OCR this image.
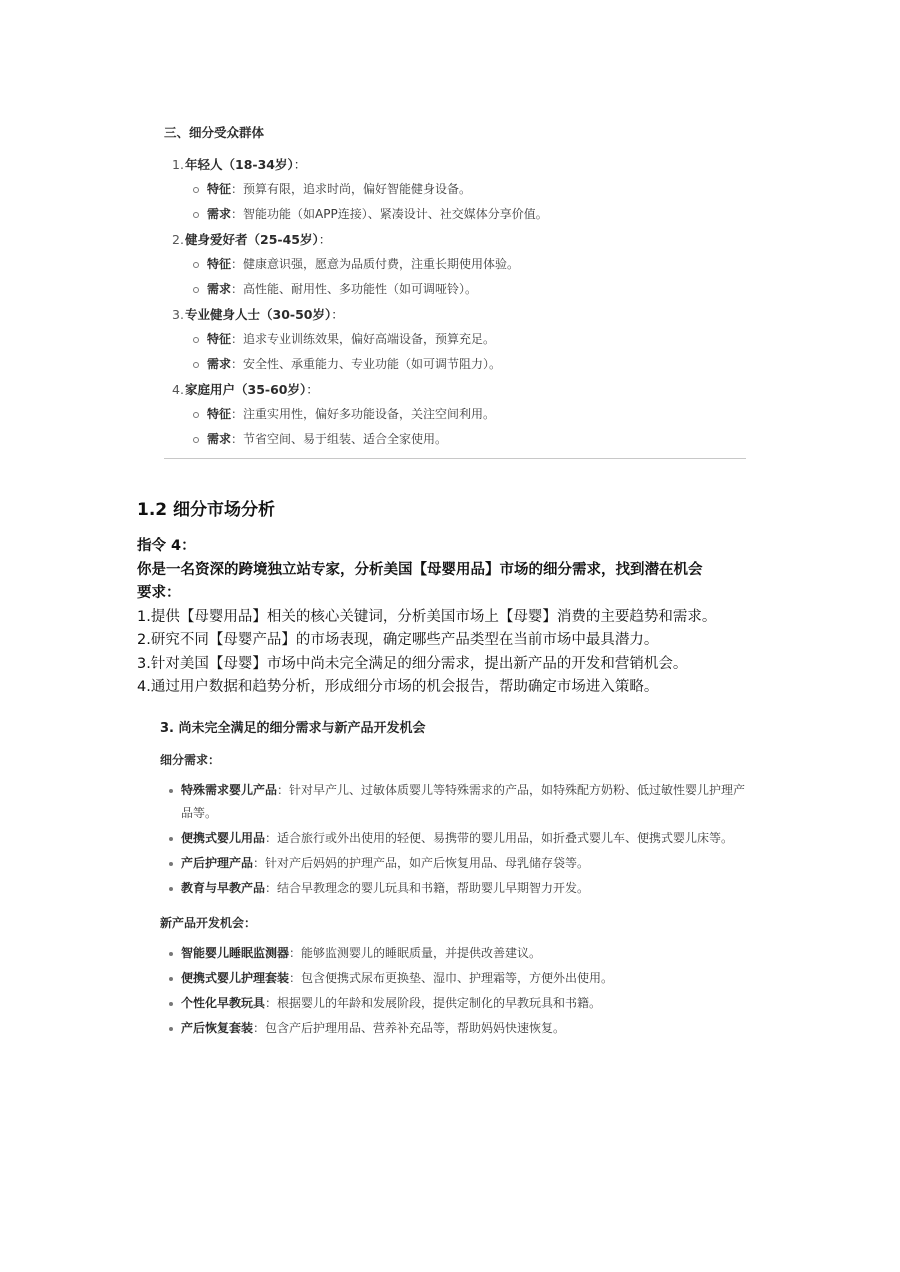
三、细分受众群体
1. 年轻人（18-34岁）：
特征：预算有限，追求时尚，偏好智能健身设备。
需求：智能功能（如APP连接）、紧凑设计、社交媒体分享价值。
2. 健身爱好者（25-45岁）：
特征：健康意识强，愿意为品质付费，注重长期使用体验。
需求：高性能、耐用性、多功能性（如可调哑铃）。
3. 专业健身人士（30-50岁）：
特征：追求专业训练效果，偏好高端设备，预算充足。
需求：安全性、承重能力、专业功能（如可调节阻力）。
4. 家庭用户（35-60岁）：
特征：注重实用性，偏好多功能设备，关注空间利用。
需求：节省空间、易于组装、适合全家使用。
1.2 细分市场分析
指令 4：
你是一名资深的跨境独立站专家，分析美国【母婴用品】市场的细分需求，找到潜在机会
要求：
1.提供【母婴用品】相关的核心关键词，分析美国市场上【母婴】消费的主要趋势和需求。
2.研究不同【母婴产品】的市场表现，确定哪些产品类型在当前市场中最具潜力。
3.针对美国【母婴】市场中尚未完全满足的细分需求，提出新产品的开发和营销机会。
4.通过用户数据和趋势分析，形成细分市场的机会报告，帮助确定市场进入策略。
3. 尚未完全满足的细分需求与新产品开发机会
细分需求：
特殊需求婴儿产品：针对早产儿、过敏体质婴儿等特殊需求的产品，如特殊配方奶粉、低过敏性婴儿护理产品等。
便携式婴儿用品：适合旅行或外出使用的轻便、易携带的婴儿用品，如折叠式婴儿车、便携式婴儿床等。
产后护理产品：针对产后妈妈的护理产品，如产后恢复用品、母乳储存袋等。
教育与早教产品：结合早教理念的婴儿玩具和书籍，帮助婴儿早期智力开发。
新产品开发机会：
智能婴儿睡眠监测器：能够监测婴儿的睡眠质量，并提供改善建议。
便携式婴儿护理套装：包含便携式尿布更换垫、湿巾、护理霜等，方便外出使用。
个性化早教玩具：根据婴儿的年龄和发展阶段，提供定制化的早教玩具和书籍。
产后恢复套装：包含产后护理用品、营养补充品等，帮助妈妈快速恢复。
